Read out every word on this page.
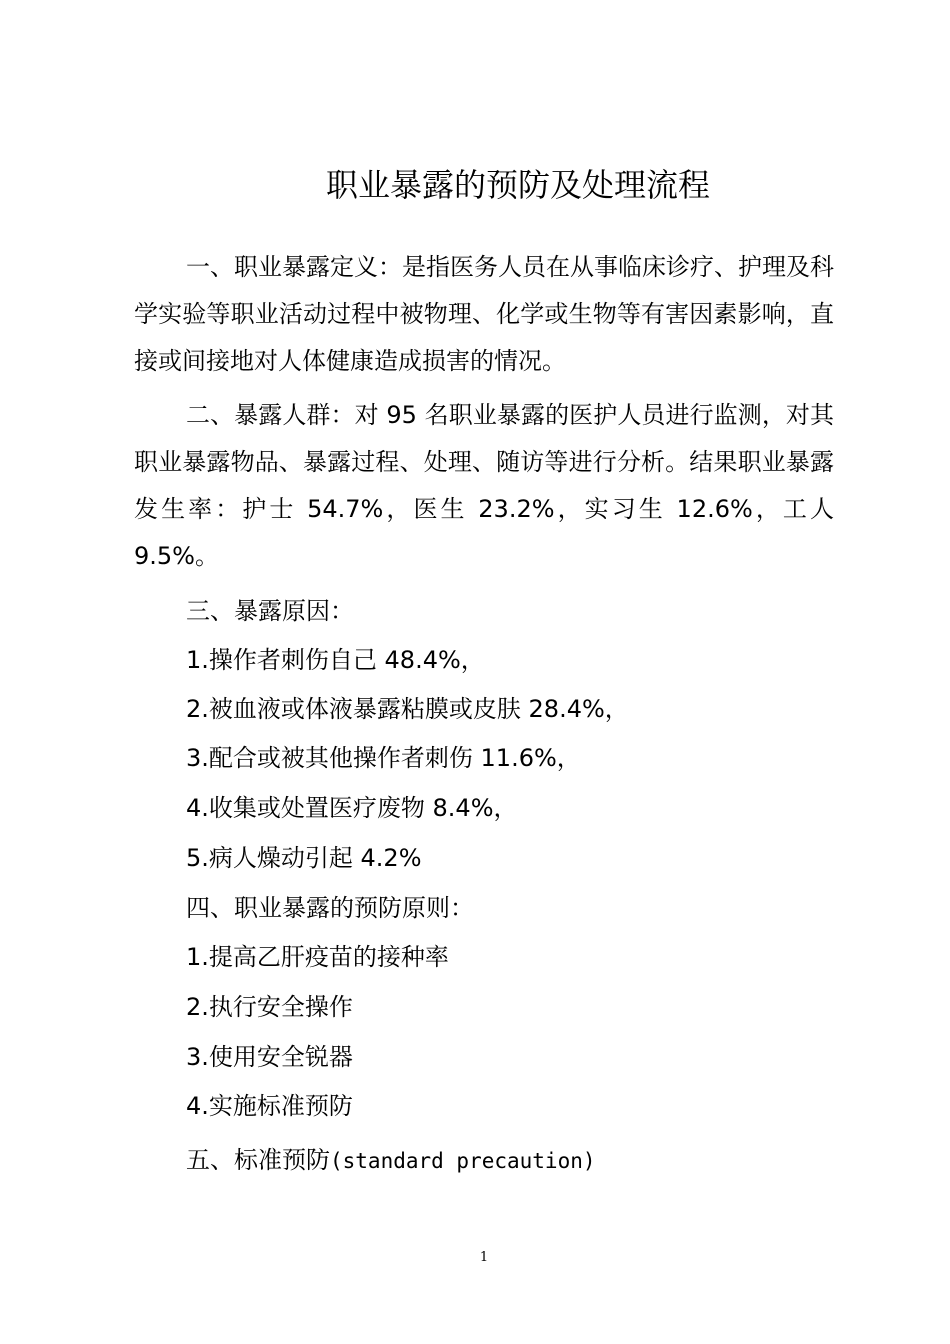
职业暴露的预防及处理流程

一、职业暴露定义：是指医务人员在从事临床诊疗、护理及科学实验等职业活动过程中被物理、化学或生物等有害因素影响，直接或间接地对人体健康造成损害的情况。

二、暴露人群：对 95 名职业暴露的医护人员进行监测，对其职业暴露物品、暴露过程、处理、随访等进行分析。结果职业暴露发生率：护士 54.7%，医生 23.2%，实习生 12.6%，工人 9.5%。

三、暴露原因：
1.操作者刺伤自己 48.4%，
2.被血液或体液暴露粘膜或皮肤 28.4%，
3.配合或被其他操作者刺伤 11.6%，
4.收集或处置医疗废物 8.4%，
5.病人燥动引起 4.2%
四、职业暴露的预防原则：
1.提高乙肝疫苗的接种率
2.执行安全操作
3.使用安全锐器
4.实施标准预防
五、标准预防(standard precaution)
1
